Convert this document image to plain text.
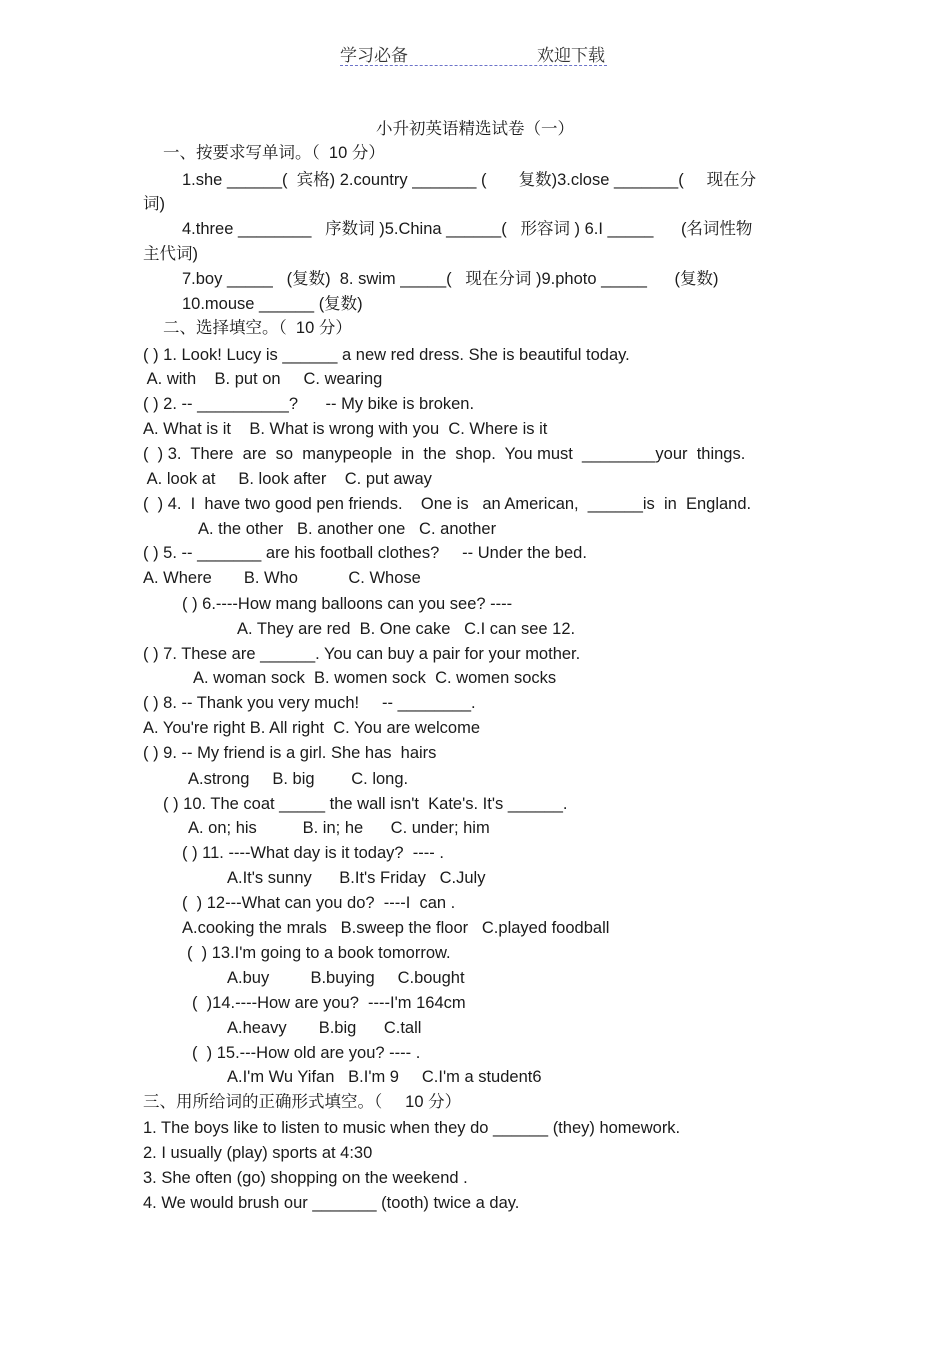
学习必备	欢迎下载
小升初英语精选试卷（一）
一、按要求写单词。（  10 分）
1.she ______(  宾格) 2.country _______ (       复数)3.close _______(     现在分
词)
4.three ________   序数词 )5.China ______(   形容词 ) 6.I _____      (名词性物
主代词)
7.boy _____   (复数)  8. swim _____(   现在分词 )9.photo _____      (复数)
10.mouse ______ (复数)
二、选择填空。（  10 分）
( ) 1. Look! Lucy is ______ a new red dress. She is beautiful today.
A. with    B. put on     C. wearing
( ) 2. -- __________?      -- My bike is broken.
A. What is it    B. What is wrong with you  C. Where is it
(  ) 3.  There  are  so  manypeople  in  the  shop.  You must  ________your  things.
A. look at     B. look after    C. put away
(  ) 4.  I  have two good pen friends.    One is   an American,  ______is  in  England.
A. the other   B. another one   C. another
( ) 5. -- _______ are his football clothes?     -- Under the bed.
A. Where       B. Who           C. Whose
( ) 6.----How mang balloons can you see? ----
A. They are red  B. One cake   C.I can see 12.
( ) 7. These are ______. You can buy a pair for your mother.
A. woman sock  B. women sock  C. women socks
( ) 8. -- Thank you very much!     -- ________.
A. You're right B. All right  C. You are welcome
( ) 9. -- My friend is a girl. She has  hairs
A.strong     B. big        C. long.
( ) 10. The coat _____ the wall isn't  Kate's. It's ______.
A. on; his          B. in; he      C. under; him
( ) 11. ----What day is it today?  ---- .
A.It's sunny      B.It's Friday   C.July
(  ) 12---What can you do?  ----I  can .
A.cooking the mrals   B.sweep the floor   C.played foodball
(  ) 13.I'm going to a book tomorrow.
A.buy         B.buying     C.bought
(  )14.----How are you?  ----I'm 164cm
A.heavy       B.big      C.tall
(  ) 15.---How old are you? ---- .
A.I'm Wu Yifan   B.I'm 9     C.I'm a student6
三、用所给词的正确形式填空。（     10 分）
1. The boys like to listen to music when they do ______ (they) homework.
2. I usually (play) sports at 4:30
3. She often (go) shopping on the weekend .
4. We would brush our _______ (tooth) twice a day.
